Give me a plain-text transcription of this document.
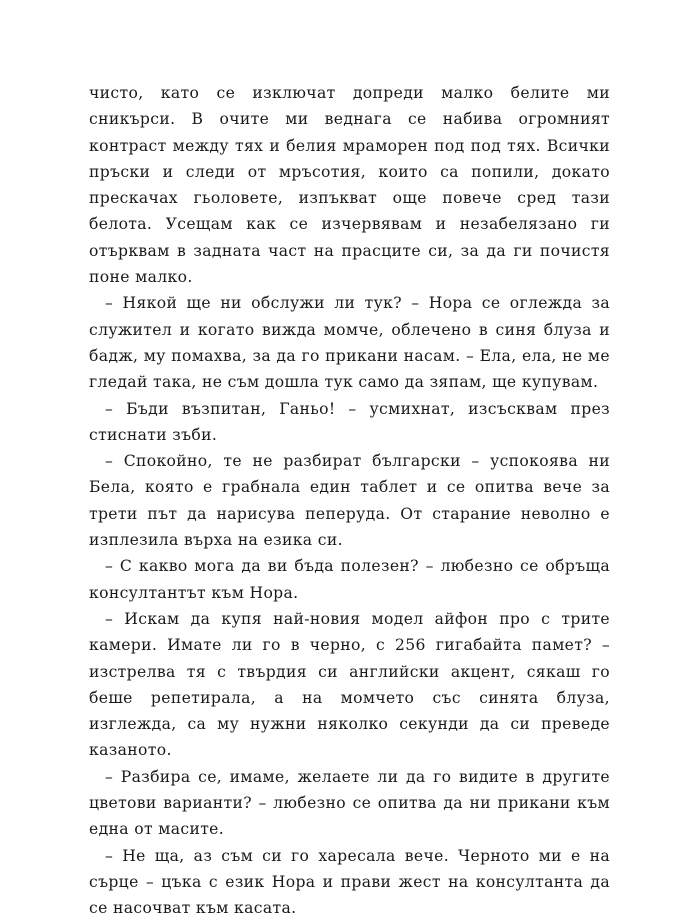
чисто, като се изключат допреди малко белите ми сникърси. В очите ми веднага се набива огромният контраст между тях и белия мраморен под под тях. Всички пръски и следи от мръсотия, които са попили, докато прескачах гьоловете, изпъкват още повече сред тази белота. Усещам как се изчервявам и незабелязано ги отърквам в задната част на прасците си, за да ги почистя поне малко.

– Някой ще ни обслужи ли тук? – Нора се оглежда за служител и когато вижда момче, облечено в синя блуза и бадж, му помахва, за да го прикани насам. – Ела, ела, не ме гледай така, не съм дошла тук само да зяпам, ще купувам.

– Бъди възпитан, Ганьо! – усмихнат, изсъсквам през стиснати зъби.

– Спокойно, те не разбират български – успокоява ни Бела, която е грабнала един таблет и се опитва вече за трети път да нарисува пеперуда. От старание неволно е изплезила върха на езика си.

– С какво мога да ви бъда полезен? – любезно се обръща консултантът към Нора.

– Искам да купя най-новия модел айфон про с трите камери. Имате ли го в черно, с 256 гигабайта памет? – изстрелва тя с твърдия си английски акцент, сякаш го беше репетирала, а на момчето със синята блуза, изглежда, са му нужни няколко секунди да си преведе казаното.

– Разбира се, имаме, желаете ли да го видите в другите цветови варианти? – любезно се опитва да ни прикани към една от масите.

– Не ща, аз съм си го харесала вече. Черното ми е на сърце – цъка с език Нора и прави жест на консултанта да се насочват към касата.
